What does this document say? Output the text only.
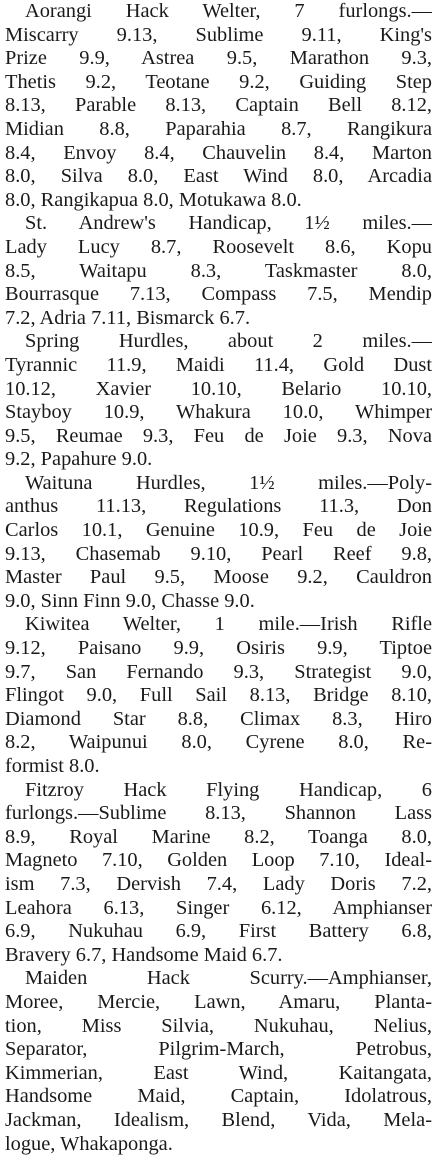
Aorangi Hack Welter, 7 furlongs.—
Miscarry 9.13, Sublime 9.11, King's
Prize 9.9, Astrea 9.5, Marathon 9.3,
Thetis 9.2, Teotane 9.2, Guiding Step
8.13, Parable 8.13, Captain Bell 8.12,
Midian 8.8, Paparahia 8.7, Rangikura
8.4, Envoy 8.4, Chauvelin 8.4, Marton
8.0, Silva 8.0, East Wind 8.0, Arcadia
8.0, Rangikapua 8.0, Motukawa 8.0.
St. Andrew's Handicap, 1½ miles.—
Lady Lucy 8.7, Roosevelt 8.6, Kopu
8.5, Waitapu 8.3, Taskmaster 8.0,
Bourrasque 7.13, Compass 7.5, Mendip
7.2, Adria 7.11, Bismarck 6.7.
Spring Hurdles, about 2 miles.—
Tyrannic 11.9, Maidi 11.4, Gold Dust
10.12, Xavier 10.10, Belario 10.10,
Stayboy 10.9, Whakura 10.0, Whimper
9.5, Reumae 9.3, Feu de Joie 9.3, Nova
9.2, Papahure 9.0.
Waituna Hurdles, 1½ miles.—Poly-
anthus 11.13, Regulations 11.3, Don
Carlos 10.1, Genuine 10.9, Feu de Joie
9.13, Chasemab 9.10, Pearl Reef 9.8,
Master Paul 9.5, Moose 9.2, Cauldron
9.0, Sinn Finn 9.0, Chasse 9.0.
Kiwitea Welter, 1 mile.—Irish Rifle
9.12, Paisano 9.9, Osiris 9.9, Tiptoe
9.7, San Fernando 9.3, Strategist 9.0,
Flingot 9.0, Full Sail 8.13, Bridge 8.10,
Diamond Star 8.8, Climax 8.3, Hiro
8.2, Waipunui 8.0, Cyrene 8.0, Re-
formist 8.0.
Fitzroy Hack Flying Handicap, 6
furlongs.—Sublime 8.13, Shannon Lass
8.9, Royal Marine 8.2, Toanga 8.0,
Magneto 7.10, Golden Loop 7.10, Ideal-
ism 7.3, Dervish 7.4, Lady Doris 7.2,
Leahora 6.13, Singer 6.12, Amphianser
6.9, Nukuhau 6.9, First Battery 6.8,
Bravery 6.7, Handsome Maid 6.7.
Maiden Hack Scurry.—Amphianser,
Moree, Mercie, Lawn, Amaru, Planta-
tion, Miss Silvia, Nukuhau, Nelius,
Separator, Pilgrim-March, Petrobus,
Kimmerian, East Wind, Kaitangata,
Handsome Maid, Captain, Idolatrous,
Jackman, Idealism, Blend, Vida, Mela-
logue, Whakaponga.
